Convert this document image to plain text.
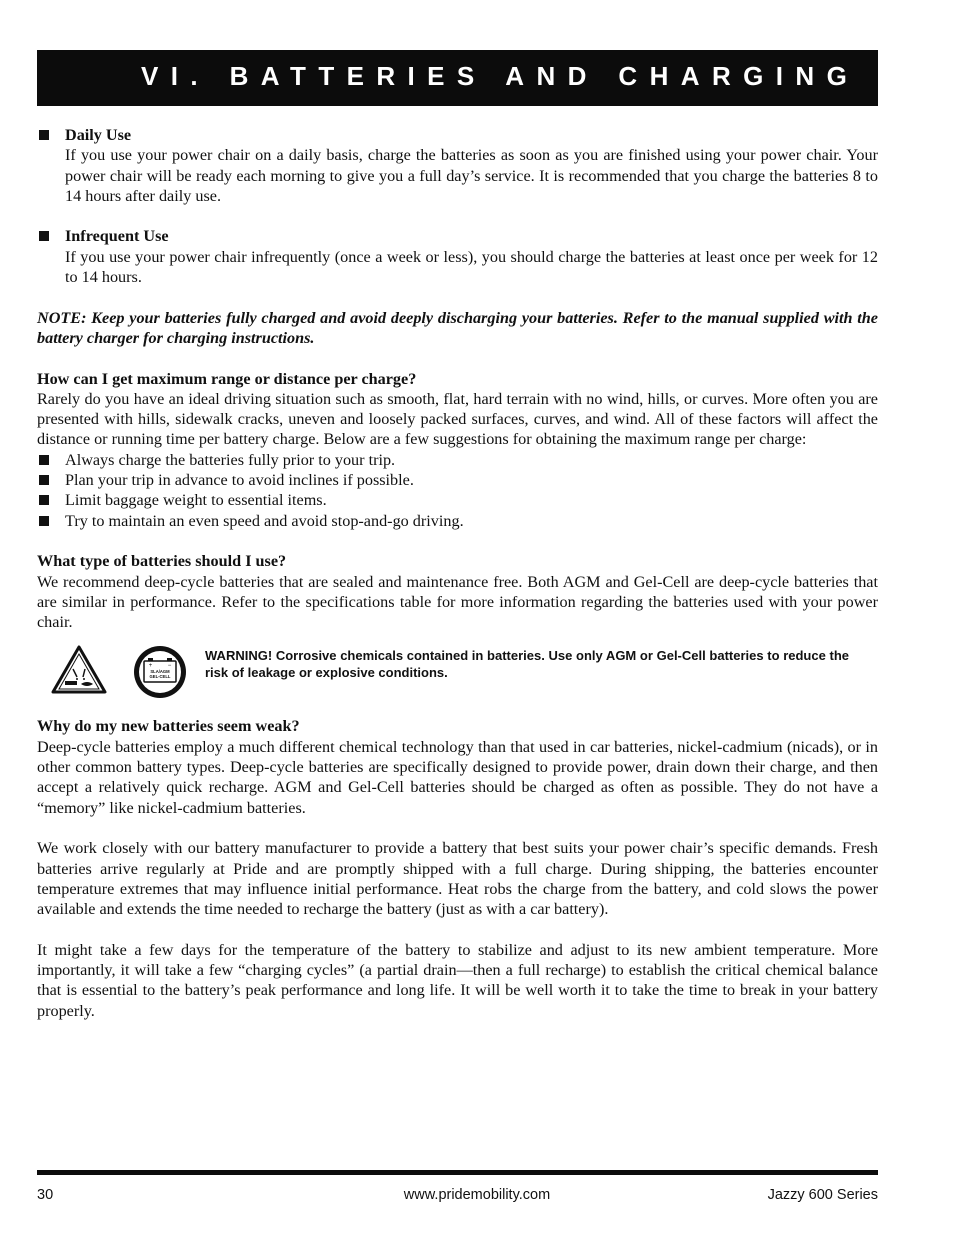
VI. BATTERIES AND CHARGING
Daily Use

If you use your power chair on a daily basis, charge the batteries as soon as you are finished using your power chair. Your power chair will be ready each morning to give you a full day’s service. It is recommended that you charge the batteries 8 to 14 hours after daily use.

Infrequent Use

If you use your power chair infrequently (once a week or less), you should charge the batteries at least once per week for 12 to 14 hours.

NOTE: Keep your batteries fully charged and avoid deeply discharging your batteries. Refer to the manual supplied with the battery charger for charging instructions.

How can I get maximum range or distance per charge?

Rarely do you have an ideal driving situation such as smooth, flat, hard terrain with no wind, hills, or curves. More often you are presented with hills, sidewalk cracks, uneven and loosely packed surfaces, curves, and wind. All of these factors will affect the distance or running time per battery charge. Below are a few suggestions for obtaining the maximum range per charge:

Always charge the batteries fully prior to your trip.
Plan your trip in advance to avoid inclines if possible.
Limit baggage weight to essential items.
Try to maintain an even speed and avoid stop-and-go driving.
What type of batteries should I use?

We recommend deep-cycle batteries that are sealed and maintenance free. Both AGM and Gel-Cell are deep-cycle batteries that are similar in performance. Refer to the specifications table for more information regarding the batteries used with your power chair.

+	−
SLA/AGM
GEL-CELL

WARNING! Corrosive chemicals contained in batteries. Use only AGM or Gel-Cell batteries to reduce the risk of leakage or explosive conditions.

Why do my new batteries seem weak?

Deep-cycle batteries employ a much different chemical technology than that used in car batteries, nickel-cadmium (nicads), or in other common battery types. Deep-cycle batteries are specifically designed to provide power, drain down their charge, and then accept a relatively quick recharge. AGM and Gel-Cell batteries should be charged as often as possible. They do not have a “memory” like nickel-cadmium batteries.

We work closely with our battery manufacturer to provide a battery that best suits your power chair’s specific demands. Fresh batteries arrive regularly at Pride and are promptly shipped with a full charge. During shipping, the batteries encounter temperature extremes that may influence initial performance. Heat robs the charge from the battery, and cold slows the power available and extends the time needed to recharge the battery (just as with a car battery).

It might take a few days for the temperature of the battery to stabilize and adjust to its new ambient temperature. More importantly, it will take a few “charging cycles” (a partial drain—then a full recharge) to establish the critical chemical balance that is essential to the battery’s peak performance and long life. It will be well worth it to take the time to break in your battery properly.

30	www.pridemobility.com	Jazzy 600 Series
